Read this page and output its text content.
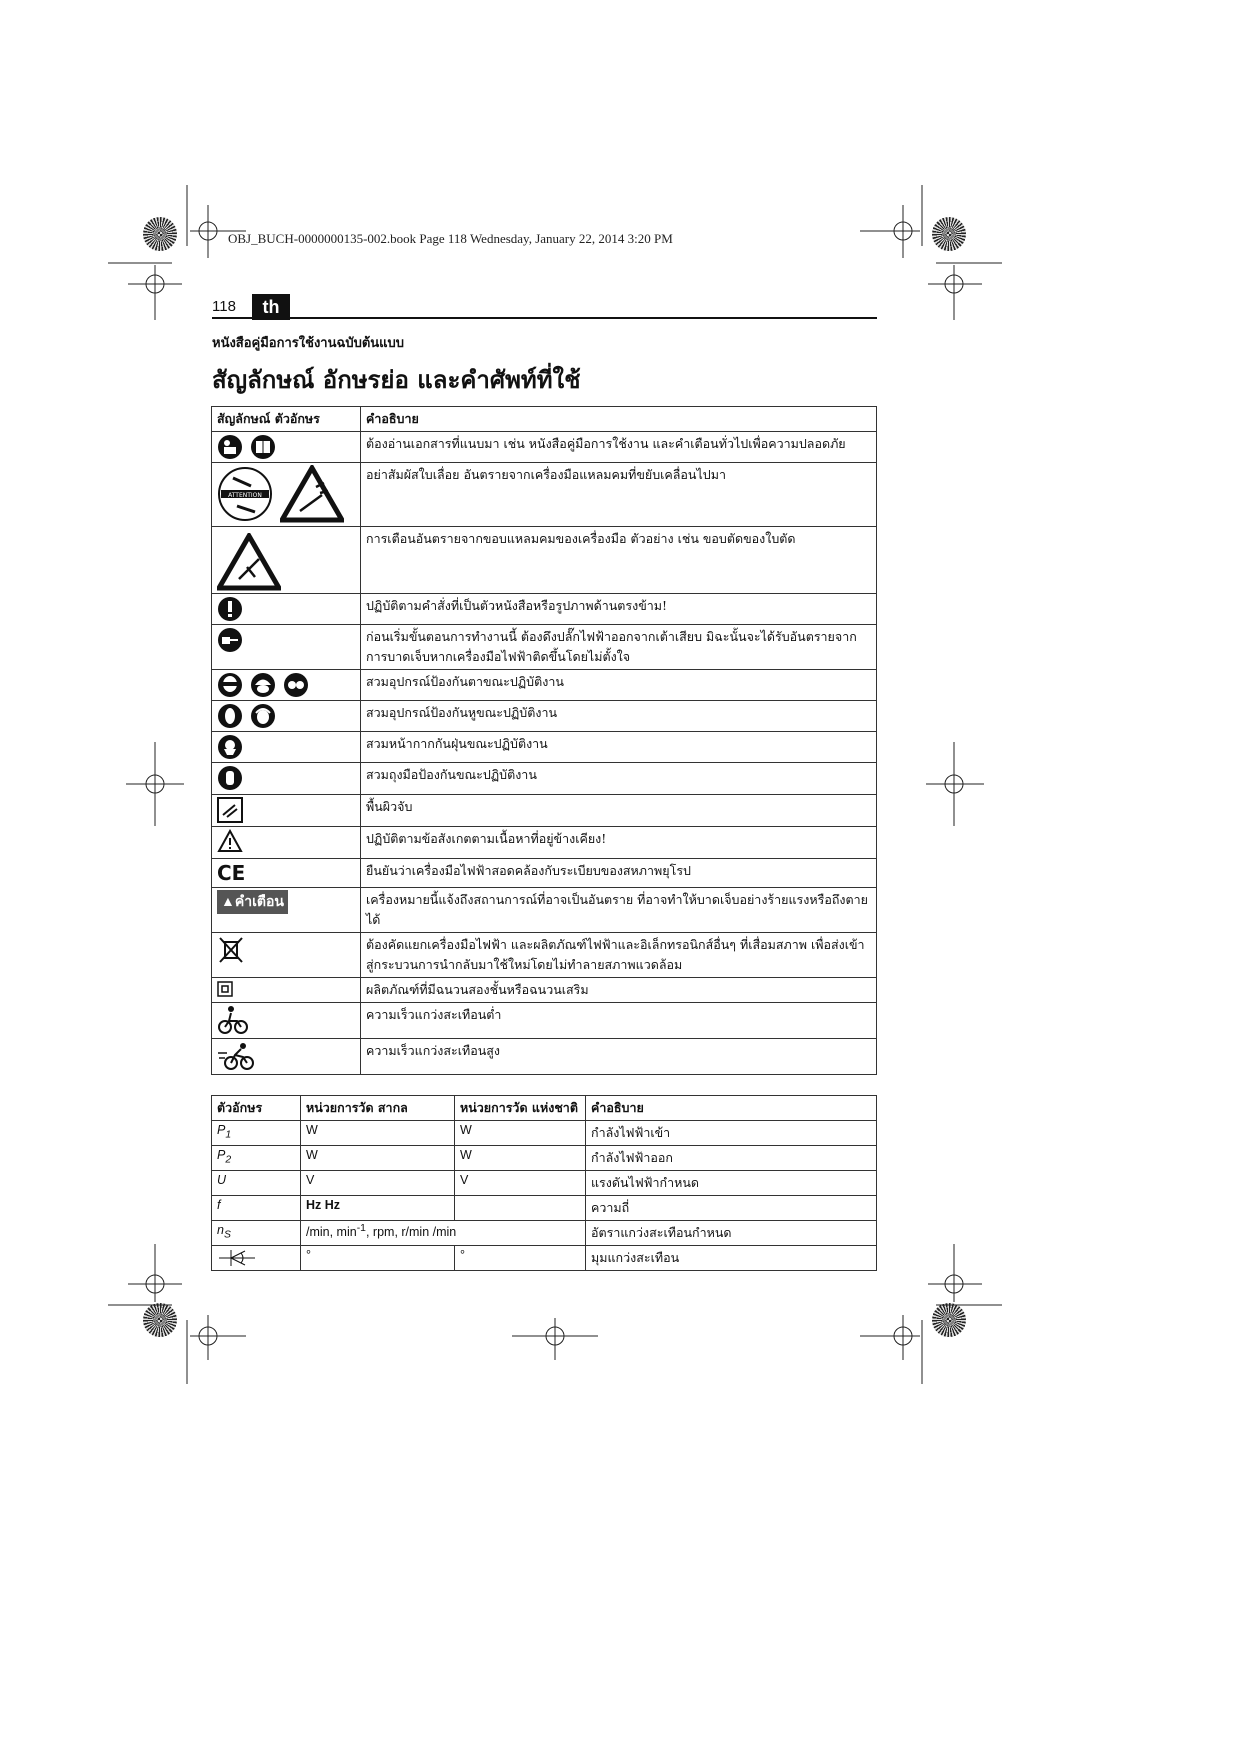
OBJ_BUCH-0000000135-002.book Page 118 Wednesday, January 22, 2014 3:20 PM
118	th
หนังสือคู่มือการใช้งานฉบับต้นแบบ
สัญลักษณ์ อักษรย่อ และคำศัพท์ที่ใช้
สัญลักษณ์ ตัวอักษร	คำอธิบาย
	ต้องอ่านเอกสารที่แนบมา เช่น หนังสือคู่มือการใช้งาน และคำเตือนทั่วไปเพื่อความปลอดภัย

ATTENTION	อย่าสัมผัสใบเลื่อย อันตรายจากเครื่องมือแหลมคมที่ขยับเคลื่อนไปมา
	การเตือนอันตรายจากขอบแหลมคมของเครื่องมือ ตัวอย่าง เช่น ขอบตัดของใบตัด
	ปฏิบัติตามคำสั่งที่เป็นตัวหนังสือหรือรูปภาพด้านตรงข้าม!
	ก่อนเริ่มขั้นตอนการทำงานนี้ ต้องดึงปลั๊กไฟฟ้าออกจากเต้าเสียบ มิฉะนั้นจะได้รับอันตรายจากการบาดเจ็บหากเครื่องมือไฟฟ้าติดขึ้นโดยไม่ตั้งใจ
	สวมอุปกรณ์ป้องกันตาขณะปฏิบัติงาน
	สวมอุปกรณ์ป้องกันหูขณะปฏิบัติงาน
	สวมหน้ากากกันฝุ่นขณะปฏิบัติงาน
	สวมถุงมือป้องกันขณะปฏิบัติงาน
	พื้นผิวจับ
	ปฏิบัติตามข้อสังเกตตามเนื้อหาที่อยู่ข้างเคียง!
CE	ยืนยันว่าเครื่องมือไฟฟ้าสอดคล้องกับระเบียบของสหภาพยุโรป
▲คำเตือน	เครื่องหมายนี้แจ้งถึงสถานการณ์ที่อาจเป็นอันตราย ที่อาจทำให้บาดเจ็บอย่างร้ายแรงหรือถึงตายได้
	ต้องคัดแยกเครื่องมือไฟฟ้า และผลิตภัณฑ์ไฟฟ้าและอิเล็กทรอนิกส์อื่นๆ ที่เสื่อมสภาพ เพื่อส่งเข้าสู่กระบวนการนำกลับมาใช้ใหม่โดยไม่ทำลายสภาพแวดล้อม
	ผลิตภัณฑ์ที่มีฉนวนสองชั้นหรือฉนวนเสริม
	ความเร็วแกว่งสะเทือนต่ำ
	ความเร็วแกว่งสะเทือนสูง
ตัวอักษร	หน่วยการวัด สากล	หน่วยการวัด แห่งชาติ	คำอธิบาย
$P_1$	W	W	กำลังไฟฟ้าเข้า
$P_2$	W	W	กำลังไฟฟ้าออก
U	V	V	แรงดันไฟฟ้ากำหนด
f	Hz Hz		ความถี่
$n_S$	/min, $\min^{-1}$, rpm, r/min /min		อัตราแกว่งสะเทือนกำหนด
	°	°	มุมแกว่งสะเทือน
